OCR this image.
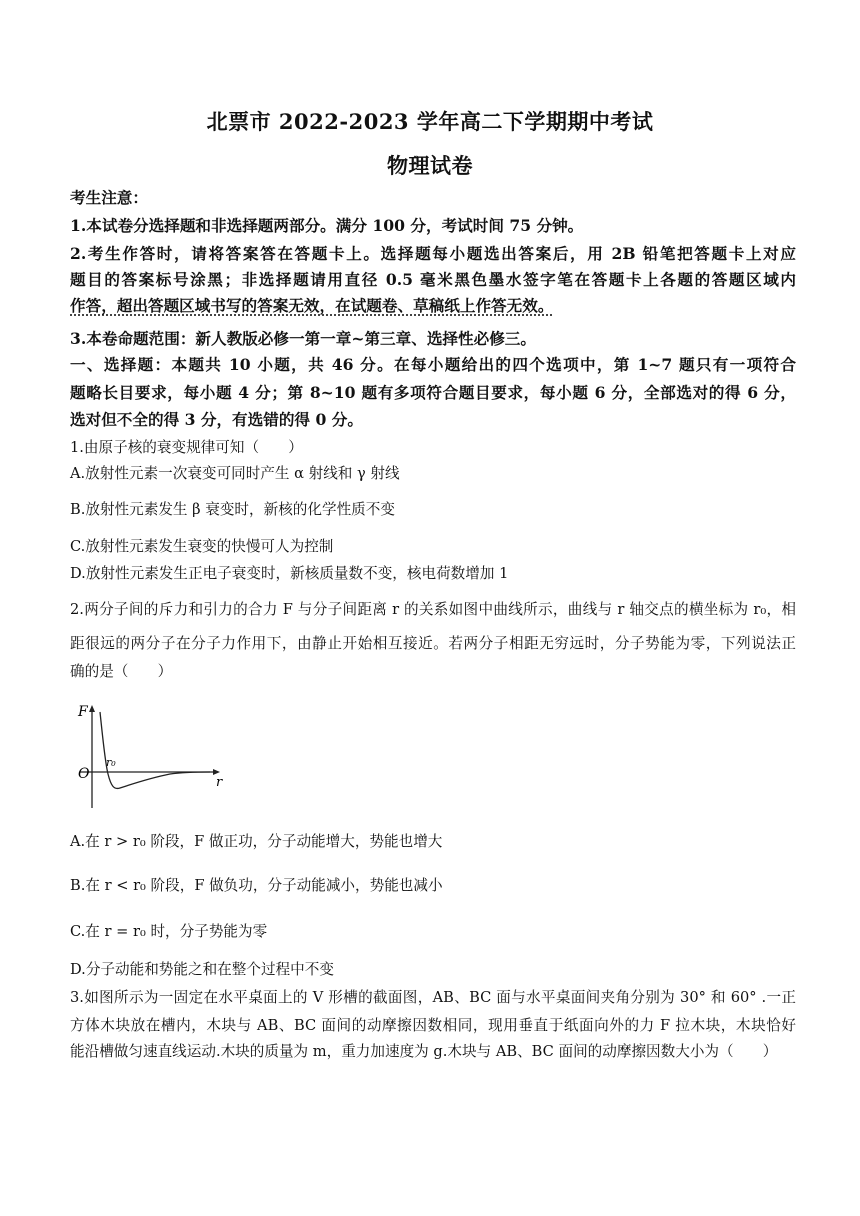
北票市 2022-2023 学年高二下学期期中考试
物理试卷
考生注意：
1.本试卷分选择题和非选择题两部分。满分 100 分，考试时间 75 分钟。
2.考生作答时，请将答案答在答题卡上。选择题每小题选出答案后，用 2B 铅笔把答题卡上对应
题目的答案标号涂黑；非选择题请用直径 0.5 毫米黑色墨水签字笔在答题卡上各题的答题区域内
作答，超出答题区域书写的答案无效，在试题卷、草稿纸上作答无效。
3.本卷命题范围：新人教版必修一第一章~第三章、选择性必修三。
一、选择题：本题共 10 小题，共 46 分。在每小题给出的四个选项中，第 1~7 题只有一项符合
题略长目要求，每小题 4 分；第 8~10 题有多项符合题目要求，每小题 6 分，全部选对的得 6 分，
选对但不全的得 3 分，有选错的得 0 分。
1.由原子核的衰变规律可知（　　）
A.放射性元素一次衰变可同时产生 α 射线和 γ 射线
B.放射性元素发生 β 衰变时，新核的化学性质不变
C.放射性元素发生衰变的快慢可人为控制
D.放射性元素发生正电子衰变时，新核质量数不变，核电荷数增加 1
2.两分子间的斥力和引力的合力 F 与分子间距离 r 的关系如图中曲线所示，曲线与 r 轴交点的横坐标为 r₀，相
距很远的两分子在分子力作用下，由静止开始相互接近。若两分子相距无穷远时，分子势能为零，下列说法正
确的是（　　）
F
r
O
r₀
A.在 r > r₀ 阶段，F 做正功，分子动能增大，势能也增大
B.在 r < r₀ 阶段，F 做负功，分子动能减小，势能也减小
C.在 r = r₀ 时，分子势能为零
D.分子动能和势能之和在整个过程中不变
3.如图所示为一固定在水平桌面上的 V 形槽的截面图，AB、BC 面与水平桌面间夹角分别为 30° 和 60° .一正
方体木块放在槽内，木块与 AB、BC 面间的动摩擦因数相同，现用垂直于纸面向外的力 F 拉木块，木块恰好
能沿槽做匀速直线运动.木块的质量为 m，重力加速度为 g.木块与 AB、BC 面间的动摩擦因数大小为（　　）
